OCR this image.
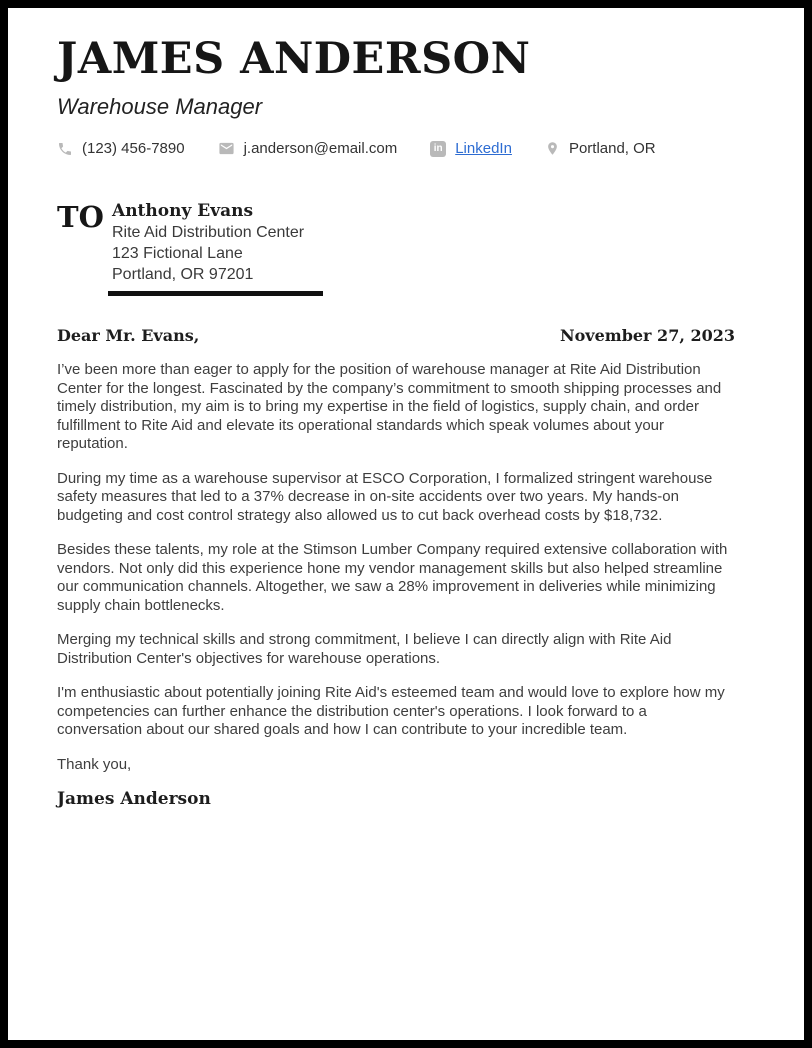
JAMES ANDERSON
Warehouse Manager
(123) 456-7890	j.anderson@email.com	in LinkedIn	Portland, OR
TO Anthony Evans
Rite Aid Distribution Center
123 Fictional Lane
Portland, OR 97201
Dear Mr. Evans,	November 27, 2023

I’ve been more than eager to apply for the position of warehouse manager at Rite Aid Distribution Center for the longest. Fascinated by the company’s commitment to smooth shipping processes and timely distribution, my aim is to bring my expertise in the field of logistics, supply chain, and order fulfillment to Rite Aid and elevate its operational standards which speak volumes about your reputation.

During my time as a warehouse supervisor at ESCO Corporation, I formalized stringent warehouse safety measures that led to a 37% decrease in on-site accidents over two years. My hands-on budgeting and cost control strategy also allowed us to cut back overhead costs by $18,732.

Besides these talents, my role at the Stimson Lumber Company required extensive collaboration with vendors. Not only did this experience hone my vendor management skills but also helped streamline our communication channels. Altogether, we saw a 28% improvement in deliveries while minimizing supply chain bottlenecks.

Merging my technical skills and strong commitment, I believe I can directly align with Rite Aid Distribution Center's objectives for warehouse operations.

I'm enthusiastic about potentially joining Rite Aid's esteemed team and would love to explore how my competencies can further enhance the distribution center's operations. I look forward to a conversation about our shared goals and how I can contribute to your incredible team.

Thank you,
James Anderson
